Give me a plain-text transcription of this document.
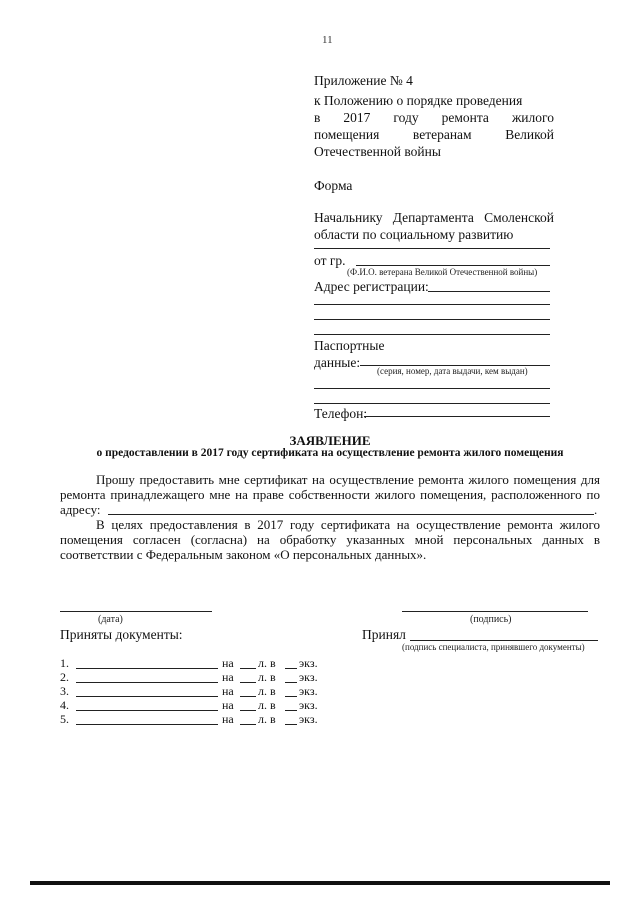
11
Приложение № 4
к Положению о порядке проведения
в 2017 году ремонта жилого
помещения ветеранам Великой
Отечественной войны
Форма
Начальнику Департамента Смоленской
области по социальному развитию
от гр.
(Ф.И.О. ветерана Великой Отечественной войны)
Адрес регистрации:
Паспортные
данные:
(серия, номер, дата выдачи, кем выдан)
Телефон:
ЗАЯВЛЕНИЕ
о предоставлении в 2017 году сертификата на осуществление ремонта жилого помещения
Прошу предоставить мне сертификат на осуществление ремонта жилого помещения для
ремонта принадлежащего мне на праве собственности жилого помещения, расположенного по
адресу:	.
В целях предоставления в 2017 году сертификата на осуществление ремонта жилого
помещения согласен (согласна) на обработку указанных мной персональных данных в
соответствии с Федеральным законом «О персональных данных».
(дата)	(подпись)
Приняты документы:	Принял
(подпись специалиста, принявшего документы)
1.	на л. в экз.
2.	на л. в экз.
3.	на л. в экз.
4.	на л. в экз.
5.	на л. в экз.
